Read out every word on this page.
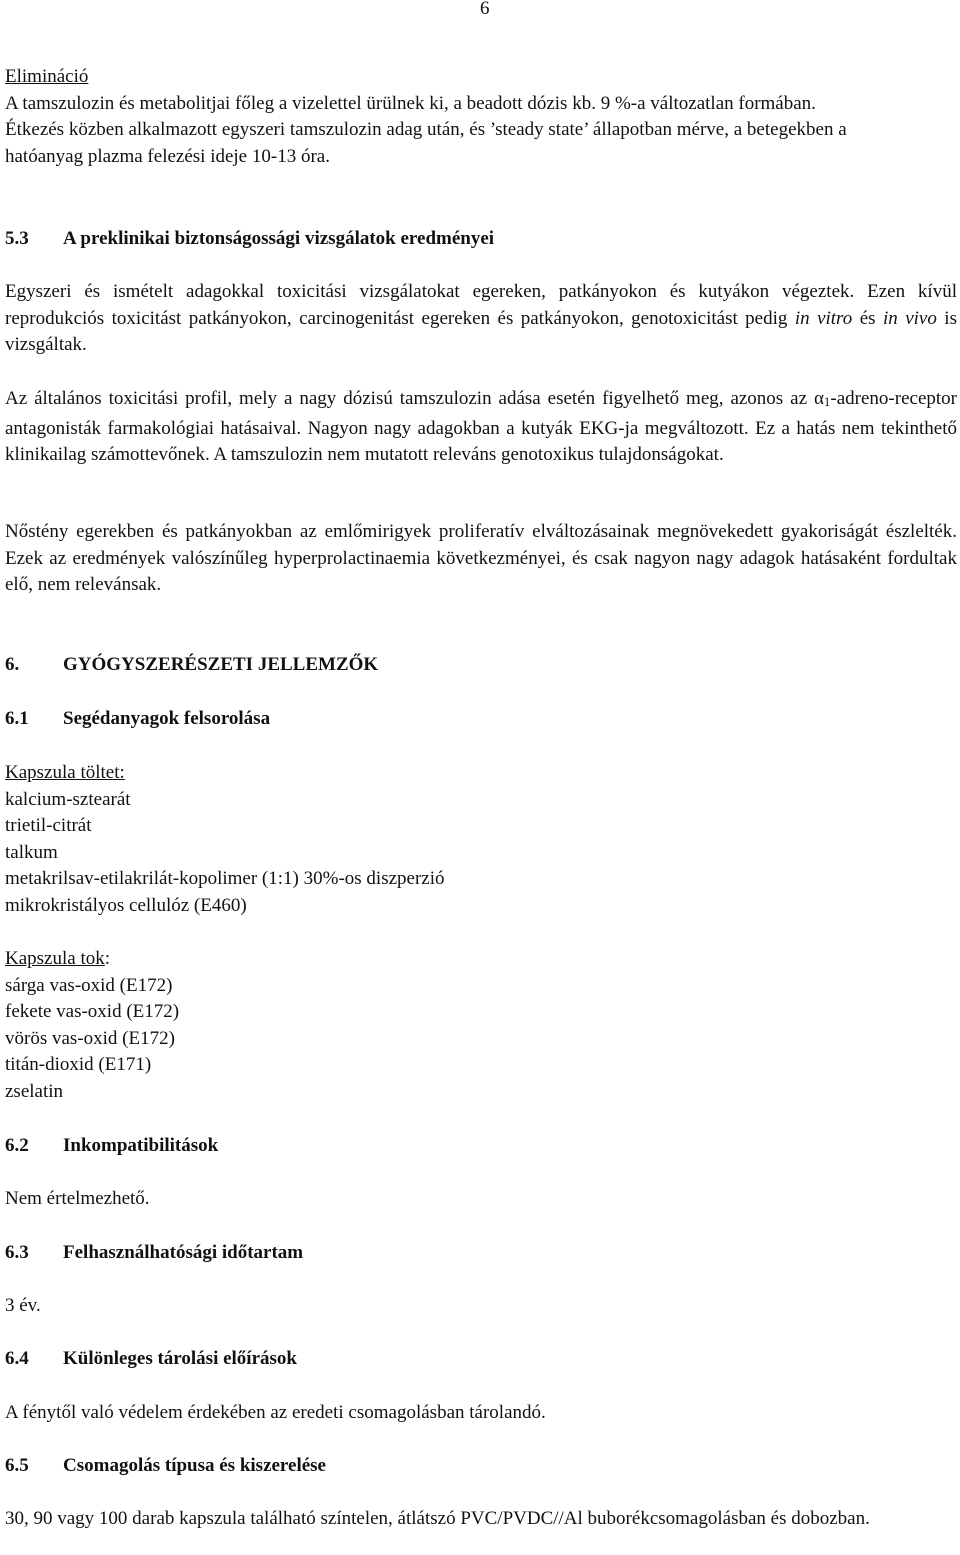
6

Elimináció

A tamszulozin és metabolitjai főleg a vizelettel ürülnek ki, a beadott dózis kb. 9 %-a változatlan formában.

Étkezés közben alkalmazott egyszeri tamszulozin adag után, és ’steady state’ állapotban mérve, a betegekben a hatóanyag plazma felezési ideje 10-13 óra.

5.3 A preklinikai biztonságossági vizsgálatok eredményei

Egyszeri és ismételt adagokkal toxicitási vizsgálatokat egereken, patkányokon és kutyákon végeztek. Ezen kívül reprodukciós toxicitást patkányokon, carcinogenitást egereken és patkányokon, genotoxicitást pedig in vitro és in vivo is vizsgáltak.

Az általános toxicitási profil, mely a nagy dózisú tamszulozin adása esetén figyelhető meg, azonos az α1-adreno-receptor antagonisták farmakológiai hatásaival. Nagyon nagy adagokban a kutyák EKG-ja megváltozott. Ez a hatás nem tekinthető klinikailag számottevőnek. A tamszulozin nem mutatott releváns genotoxikus tulajdonságokat.

Nőstény egerekben és patkányokban az emlőmirigyek proliferatív elváltozásainak megnövekedett gyakoriságát észlelték. Ezek az eredmények valószínűleg hyperprolactinaemia következményei, és csak nagyon nagy adagok hatásaként fordultak elő, nem relevánsak.

6. GYÓGYSZERÉSZETI JELLEMZŐK
6.1 Segédanyagok felsorolása

Kapszula töltet:

kalcium-sztearát

trietil-citrát

talkum

metakrilsav-etilakrilát-kopolimer (1:1) 30%-os diszperzió

mikrokristályos cellulóz (E460)

Kapszula tok:

sárga vas-oxid (E172)

fekete vas-oxid (E172)

vörös vas-oxid (E172)

titán-dioxid (E171)

zselatin

6.2 Inkompatibilitások
Nem értelmezhető.
6.3 Felhasználhatósági időtartam
3 év.
6.4 Különleges tárolási előírások
A fénytől való védelem érdekében az eredeti csomagolásban tárolandó.
6.5 Csomagolás típusa és kiszerelése

30, 90 vagy 100 darab kapszula található színtelen, átlátszó PVC/PVDC//Al buborékcsomagolásban és dobozban.
